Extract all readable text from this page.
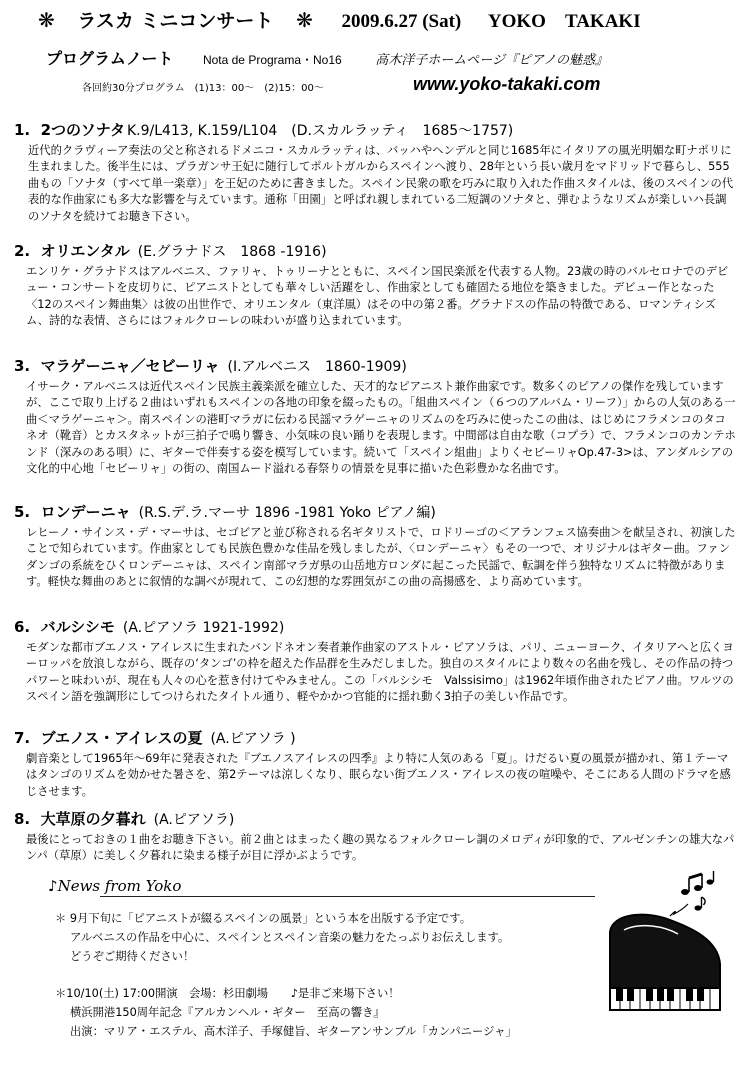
❋ ラスカ ミニコンサート ❋ 2009.6.27 (Sat) YOKO　TAKAKI
プログラムノート Nota de Programa・No16	高木洋子ホームページ『ピアノの魅惑』
各回約30分プログラム　(1)13：00～　(2)15：00～	www.yoko-takaki.com
1. 2つのソナタ K.9/L413, K.159/L104　(D.スカルラッティ　1685～1757)

近代的クラヴィーア奏法の父と称されるドメニコ・スカルラッティは、バッハやヘンデルと同じ1685年にイタリアの風光明媚な町ナポリに生まれました。後半生には、プラガンサ王妃に随行してポルトガルからスペインへ渡り、28年という長い歳月をマドリッドで暮らし、555曲もの「ソナタ（すべて単一楽章）」を王妃のために書きました。スペイン民衆の歌を巧みに取り入れた作曲スタイルは、後のスペインの代表的な作曲家にも多大な影響を与えています。通称「田園」と呼ばれ親しまれている二短調のソナタと、弾むようなリズムが楽しいハ長調のソナタを続けてお聴き下さい。

2. オリエンタル (E.グラナドス　1868 -1916)

エンリケ・グラナドスはアルベニス、ファリャ、トゥリーナとともに、スペイン国民楽派を代表する人物。23歳の時のバルセロナでのデビュー・コンサートを皮切りに、ピアニストとしても華々しい活躍をし、作曲家としても確固たる地位を築きました。デビュー作となった〈12のスペイン舞曲集〉は彼の出世作で、オリエンタル（東洋風）はその中の第２番。グラナドスの作品の特徴である、ロマンティシズム、詩的な表情、さらにはフォルクローレの味わいが盛り込まれています。

3. マラゲーニャ／セビーリャ (I.アルベニス　1860-1909)

イサーク・アルベニスは近代スペイン民族主義楽派を確立した、天才的なピアニスト兼作曲家です。数多くのピアノの傑作を残していますが、ここで取り上げる２曲はいずれもスペインの各地の印象を綴ったもの。「組曲スペイン（６つのアルバム・リーフ）」からの人気のある一曲＜マラゲーニャ＞。南スペインの港町マラガに伝わる民謡マラゲーニャのリズムのを巧みに使ったこの曲は、はじめにフラメンコのタコネオ（靴音）とカスタネットが三拍子で鳴り響き、小気味の良い踊りを表現します。中間部は自由な歌（コプラ）で、フラメンコのカンテホンド（深みのある唄）に、ギターで伴奏する姿を模写しています。続いて「スペイン組曲」よりくセビーリャOp.47-3>は、アンダルシアの文化的中心地「セビーリャ」の街の、南国ムード溢れる春祭りの情景を見事に描いた色彩豊かな名曲です。

5. ロンデーニャ (R.S.デ.ラ.マーサ 1896 -1981 Yoko ピアノ編)

レヒーノ・サインス・デ・マーサは、セゴビアと並び称される名ギタリストで、ロドリーゴの＜アランフェス協奏曲＞を献呈され、初演したことで知られています。作曲家としても民族色豊かな佳品を残しましたが、〈ロンデーニャ〉もその一つで、オリジナルはギター曲。ファンダンゴの系統をひくロンデーニャは、スペイン南部マラガ県の山岳地方ロンダに起こった民謡で、転調を伴う独特なリズムに特徴があります。軽快な舞曲のあとに叙情的な調べが現れて、この幻想的な雰囲気がこの曲の高揚感を、より高めています。

6. バルシシモ (A.ピアソラ 1921-1992)

モダンな都市ブエノス・アイレスに生まれたバンドネオン奏者兼作曲家のアストル・ピアソラは、パリ、ニューヨーク、イタリアへと広くヨーロッパを放浪しながら、既存の‘タンゴ’の枠を超えた作品群を生みだしました。独自のスタイルにより数々の名曲を残し、その作品の持つパワーと味わいが、現在も人々の心を惹き付けてやみません。この「バルシシモ　Valssisimo」は1962年頃作曲されたピアノ曲。ワルツのスペイン語を強調形にしてつけられたタイトル通り、軽やかかつ官能的に揺れ動く3拍子の美しい作品です。

7. ブエノス・アイレスの夏 (A.ピアソラ )

劇音楽として1965年～69年に発表された『ブエノスアイレスの四季』より特に人気のある「夏」。けだるい夏の風景が描かれ、第１テーマはタンゴのリズムを効かせた暑さを、第2テーマは涼しくなり、眠らない街ブエノス・アイレスの夜の喧噪や、そこにある人間のドラマを感じさせます。

8. 大草原の夕暮れ (A.ピアソラ)

最後にとっておきの１曲をお聴き下さい。前２曲とはまったく趣の異なるフォルクローレ調のメロディが印象的で、アルゼンチンの雄大なパンパ（草原）に美しく夕暮れに染まる様子が目に浮かぶようです。

♪News from Yoko
＊ 9月下旬に「ピアニストが綴るスペインの風景」という本を出版する予定です。
アルベニスの作品を中心に、スペインとスペイン音楽の魅力をたっぷりお伝えします。
どうぞご期待ください！
＊10/10(土) 17:00開演　会場：杉田劇場　　♪是非ご来場下さい！
横浜開港150周年記念『アルカンヘル・ギター　至高の響き』
出演：マリア・エステル、高木洋子、手塚健旨、ギターアンサンブル「カンパニージャ」
